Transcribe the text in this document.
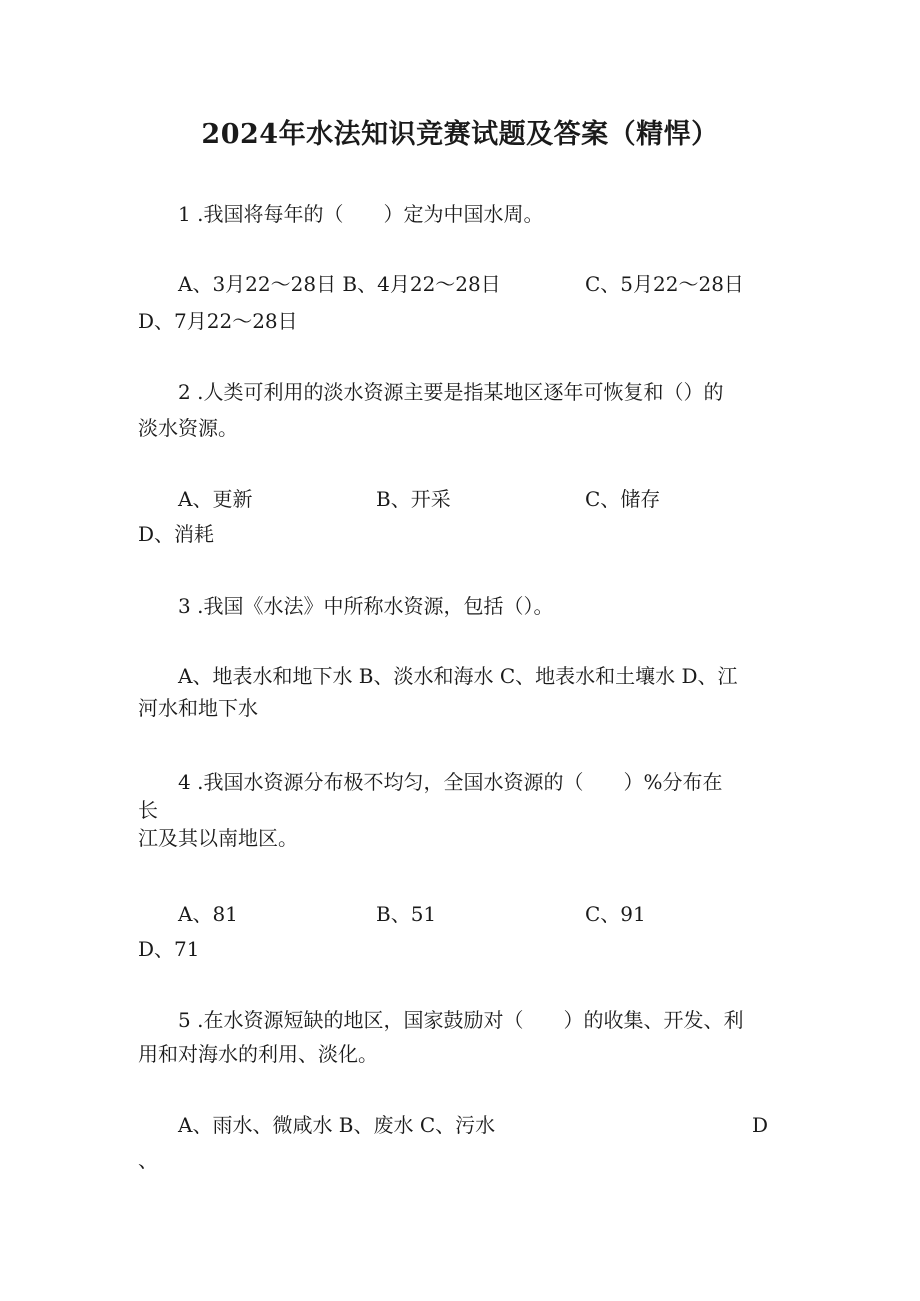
2024年水法知识竞赛试题及答案（精悍）
1 .我国将每年的（　　）定为中国水周。
A、3月22～28日 B、4月22～28日	C、5月22～28日
D、7月22～28日
2 .人类可利用的淡水资源主要是指某地区逐年可恢复和（）的
淡水资源。
A、更新	B、开采	C、储存
D、消耗
3 .我国《水法》中所称水资源，包括（）。
A、地表水和地下水 B、淡水和海水 C、地表水和土壤水 D、江
河水和地下水
4 .我国水资源分布极不均匀，全国水资源的（　　）%分布在
长
江及其以南地区。
A、81	B、51	C、91
D、71
5 .在水资源短缺的地区，国家鼓励对（　　）的收集、开发、利
用和对海水的利用、淡化。
A、雨水、微咸水 B、废水 C、污水	D
、
